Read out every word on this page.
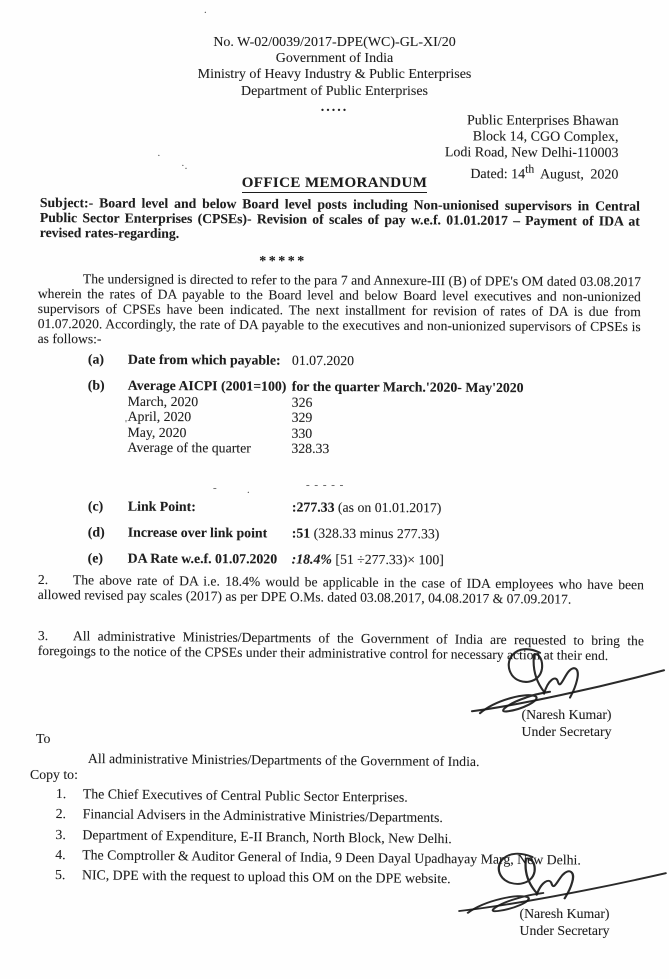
.
·
·.
No. W-02/0039/2017-DPE(WC)-GL-XI/20
Government of India
Ministry of Heavy Industry & Public Enterprises
Department of Public Enterprises
.....
Public Enterprises Bhawan
Block 14, CGO Complex,
Lodi Road, New Delhi-110003
Dated: 14th August, 2020
OFFICE MEMORANDUM
Subject:- Board level and below Board level posts including Non-unionised supervisors in Central Public Sector Enterprises (CPSEs)- Revision of scales of pay w.e.f. 01.01.2017 – Payment of IDA at revised rates-regarding.
*****
The undersigned is directed to refer to the para 7 and Annexure-III (B) of DPE's OM dated 03.08.2017 wherein the rates of DA payable to the Board level and below Board level executives and non-unionized supervisors of CPSEs have been indicated. The next installment for revision of rates of DA is due from 01.07.2020. Accordingly, the rate of DA payable to the executives and non-unionized supervisors of CPSEs is as follows:-
(a)	Date from which payable: 01.07.2020
(b)	Average AICPI (2001=100) for the quarter March.'2020- May'2020
March, 2020	326
April, 2020	329
May, 2020	330
Average of the quarter	328.33
- .	- - - - -
'
(c)	Link Point:	:277.33 (as on 01.01.2017)
(d)	Increase over link point	:51 (328.33 minus 277.33)
(e)	DA Rate w.e.f. 01.07.2020	:18.4% [51 ÷277.33)× 100]
2. The above rate of DA i.e. 18.4% would be applicable in the case of IDA employees who have been allowed revised pay scales (2017) as per DPE O.Ms. dated 03.08.2017, 04.08.2017 & 07.09.2017.
3. All administrative Ministries/Departments of the Government of India are requested to bring the foregoings to the notice of the CPSEs under their administrative control for necessary action at their end.
(Naresh Kumar)
Under Secretary
To
All administrative Ministries/Departments of the Government of India.
Copy to:
1.	The Chief Executives of Central Public Sector Enterprises.
2.	Financial Advisers in the Administrative Ministries/Departments.
3.	Department of Expenditure, E-II Branch, North Block, New Delhi.
4.	The Comptroller & Auditor General of India, 9 Deen Dayal Upadhayay Marg, New Delhi.
5.	NIC, DPE with the request to upload this OM on the DPE website.
(Naresh Kumar)
Under Secretary
